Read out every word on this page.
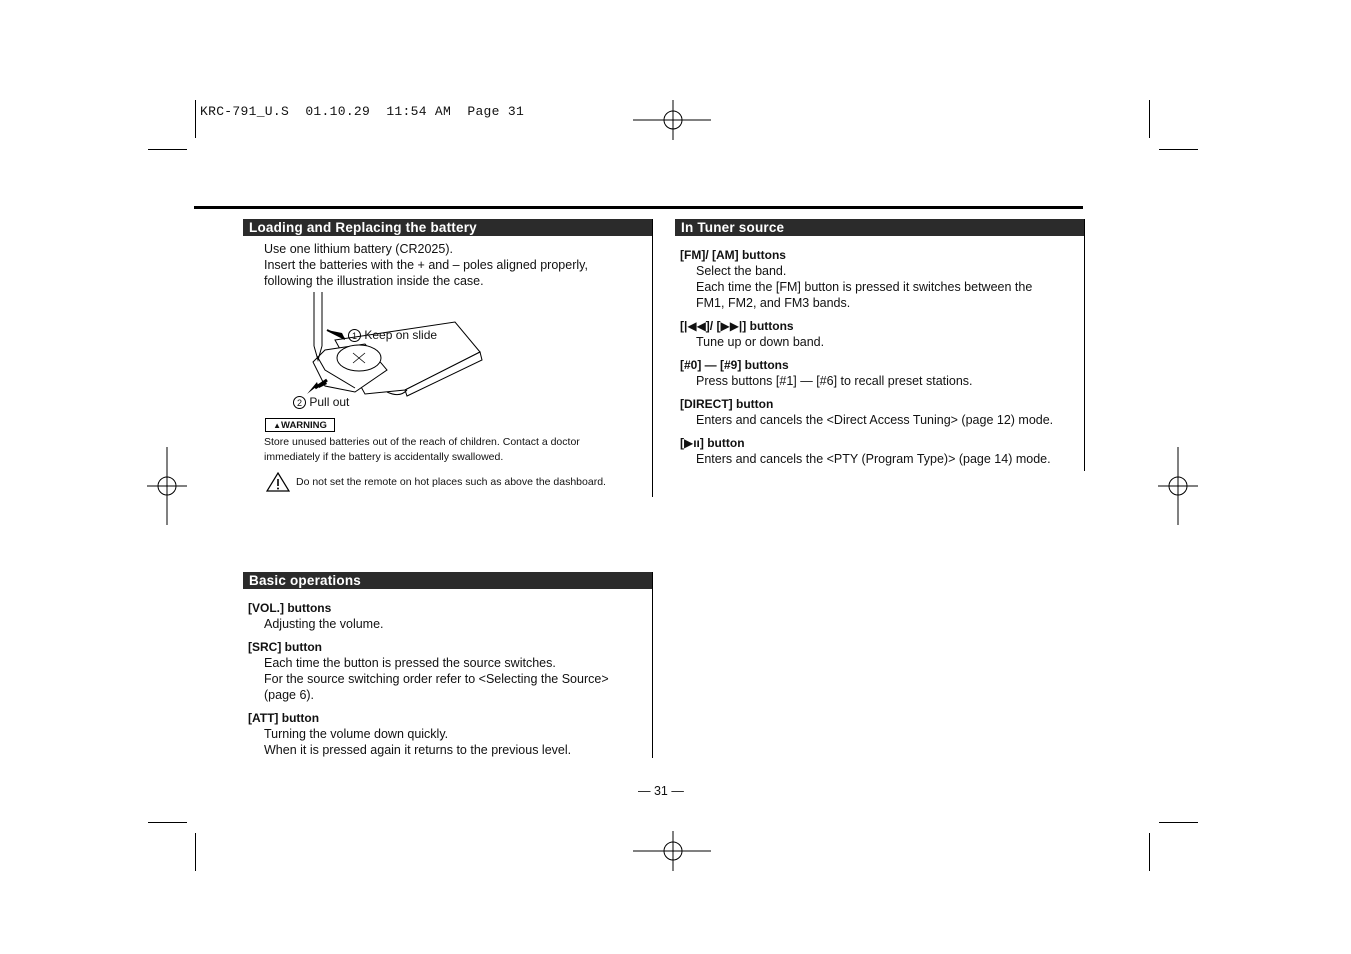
KRC-791_U.S  01.10.29  11:54 AM  Page 31
Loading and Replacing the battery
Use one lithium battery (CR2025).
Insert the batteries with the + and – poles aligned properly,
following the illustration inside the case.
1 Keep on slide
2 Pull out
▲WARNING
Store unused batteries out of the reach of children. Contact a doctor
immediately if the battery is accidentally swallowed.
Do not set the remote on hot places such as above the dashboard.
Basic operations
[VOL.] buttons
Adjusting the volume.
[SRC] button
Each time the button is pressed the source switches.
For the source switching order refer to <Selecting the Source>
(page 6).
[ATT] button
Turning the volume down quickly.
When it is pressed again it returns to the previous level.
In Tuner source
[FM]/ [AM] buttons
Select the band.
Each time the [FM] button is pressed it switches between the
FM1, FM2, and FM3 bands.
[|◀◀]/ [▶▶|] buttons
Tune up or down band.
[#0] — [#9] buttons
Press buttons [#1] — [#6] to recall preset stations.
[DIRECT] button
Enters and cancels the <Direct Access Tuning> (page 12) mode.
[▶ıı] button
Enters and cancels the <PTY (Program Type)> (page 14) mode.
— 31 —
